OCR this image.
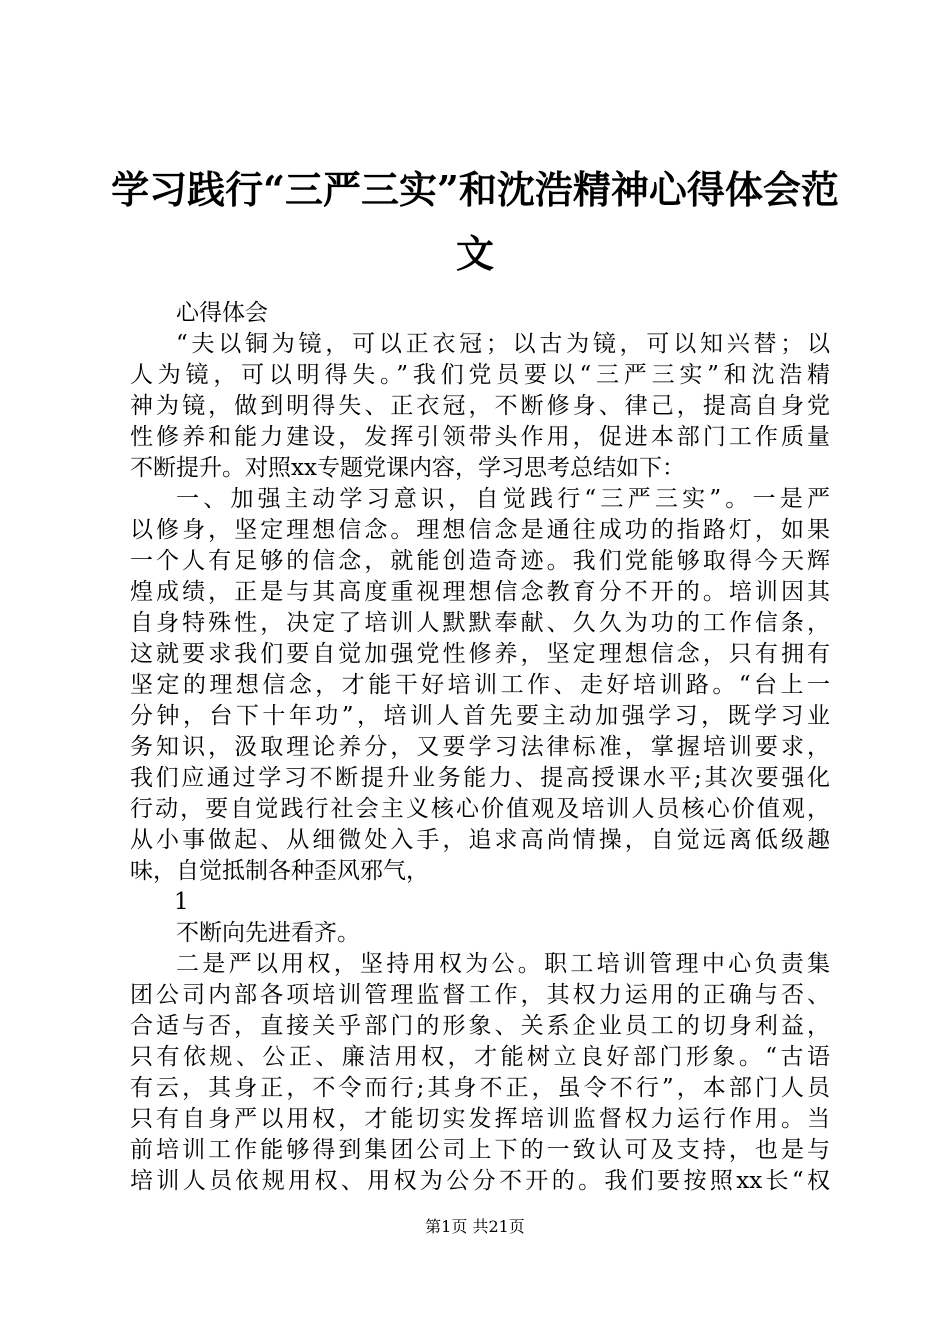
学习践行“三严三实”和沈浩精神心得体会范
文
心得体会
“夫以铜为镜，可以正衣冠；以古为镜，可以知兴替；以
人为镜，可以明得失。”我们党员要以“三严三实”和沈浩精
神为镜，做到明得失、正衣冠，不断修身、律己，提高自身党
性修养和能力建设，发挥引领带头作用，促进本部门工作质量
不断提升。对照xx专题党课内容，学习思考总结如下：
一、加强主动学习意识，自觉践行“三严三实”。一是严
以修身，坚定理想信念。理想信念是通往成功的指路灯，如果
一个人有足够的信念，就能创造奇迹。我们党能够取得今天辉
煌成绩，正是与其高度重视理想信念教育分不开的。培训因其
自身特殊性，决定了培训人默默奉献、久久为功的工作信条，
这就要求我们要自觉加强党性修养，坚定理想信念，只有拥有
坚定的理想信念，才能干好培训工作、走好培训路。“台上一
分钟，台下十年功”，培训人首先要主动加强学习，既学习业
务知识，汲取理论养分，又要学习法律标准，掌握培训要求，
我们应通过学习不断提升业务能力、提高授课水平;其次要强化
行动，要自觉践行社会主义核心价值观及培训人员核心价值观，
从小事做起、从细微处入手，追求高尚情操，自觉远离低级趣
味，自觉抵制各种歪风邪气，
1
不断向先进看齐。
二是严以用权，坚持用权为公。职工培训管理中心负责集
团公司内部各项培训管理监督工作，其权力运用的正确与否、
合适与否，直接关乎部门的形象、关系企业员工的切身利益，
只有依规、公正、廉洁用权，才能树立良好部门形象。“古语
有云，其身正，不令而行;其身不正，虽令不行”，本部门人员
只有自身严以用权，才能切实发挥培训监督权力运行作用。当
前培训工作能够得到集团公司上下的一致认可及支持，也是与
培训人员依规用权、用权为公分不开的。我们要按照xx长“权
第1页 共21页
